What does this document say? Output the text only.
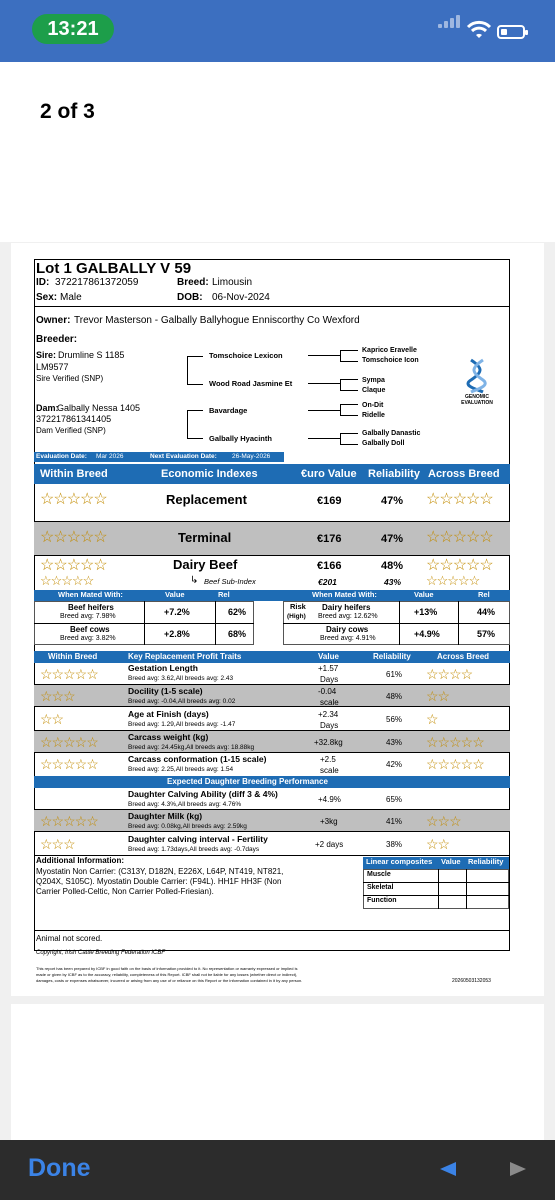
13:21
2 of 3
Lot 1 GALBALLY V 59
ID: 372217861372059	Breed: Limousin
Sex: Male	DOB: 06-Nov-2024
Owner: Trevor Masterson - Galbally Ballyhogue Enniscorthy Co Wexford
Breeder:
Sire: Drumline S 1185
LM9577
Sire Verified (SNP)
Dam:
Galbally Nessa 1405
372217861341405
Dam Verified (SNP)
Tomschoice Lexicon
Wood Road Jasmine Et
Bavardage
Galbally Hyacinth
Kaprico Eravelle
Tomschoice Icon
Sympa
Claque
On-Dit
Ridelle
Galbally Danastic
Galbally Doll
GENOMIC
EVALUATION
Evaluation Date: Mar 2026	Next Evaluation Date: 26-May-2026
Within Breed	Economic Indexes	€uro Value Reliability Across Breed
☆☆☆☆☆	Replacement	€169	47% ☆☆☆☆☆
☆☆☆☆☆	Terminal	€176	47% ☆☆☆☆☆
☆☆☆☆☆	Dairy Beef	€166	48% ☆☆☆☆☆
☆☆☆☆☆	↳ Beef Sub-Index	€201	43% ☆☆☆☆☆
When Mated With:	Value	Rel	When Mated With:	Value	Rel
Beef heifers
Breed avg: 7.98%	+7.2%	62%
Beef cows
Breed avg: 3.82%	+2.8%	68%
Risk
(High)
Dairy heifers
Breed avg: 12.62%	+13%	44%
Dairy cows
Breed avg: 4.91%	+4.9%	57%
Within Breed	Key Replacement Profit Traits	Value	Reliability	Across Breed
☆☆☆☆☆	Gestation Length
Breed avg: 3.62,All breeds avg: 2.43
+1.57
Days
61% ☆☆☆☆
☆☆☆	Docility (1-5 scale)
Breed avg: -0.04,All breeds avg: 0.02
-0.04
scale
48% ☆☆
☆☆	Age at Finish (days)
Breed avg: 1.29,All breeds avg: -1.47
+2.34
Days
56% ☆
☆☆☆☆☆	Carcass weight (kg)
Breed avg: 24.45kg,All breeds avg: 18.88kg
+32.8kg	43% ☆☆☆☆☆
☆☆☆☆☆	Carcass conformation (1-15 scale)
Breed avg: 2.25,All breeds avg: 1.54
+2.5
scale
42% ☆☆☆☆☆
Expected Daughter Breeding Performance
Daughter Calving Ability (diff 3 & 4%)
Breed avg: 4.3%,All breeds avg: 4.76%
+4.9%	65%
☆☆☆☆☆	Daughter Milk (kg)
Breed avg: 0.08kg,All breeds avg: 2.59kg
+3kg	41% ☆☆☆
☆☆☆	Daughter calving interval - Fertility
Breed avg: 1.73days,All breeds avg: -0.7days
+2 days	38% ☆☆
Additional Information:
Myostatin Non Carrier: (C313Y, D182N, E226X, L64P, NT419, NT821,
Q204X, S105C). Myostatin Double Carrier: (F94L). HH1F HH3F (Non
Carrier Polled-Celtic, Non Carrier Polled-Friesian).
Animal not scored.
Linear composites Value Reliability
Muscle
Skeletal
Function
Copyright, Irish Cattle Breeding Federation ICBF
This report has been prepared by ICBF in good faith on the basis of information provided to it. No representation or warranty expressed or implied is
made or given by ICBF as to the accuracy, reliability, completeness of this Report. ICBF shall not be liable for any losses (whether direct or indirect),
damages, costs or expenses whatsoever, incurred or arising from any use of or reliance on this Report or the information contained in it by any person.	20260503132053
Done
